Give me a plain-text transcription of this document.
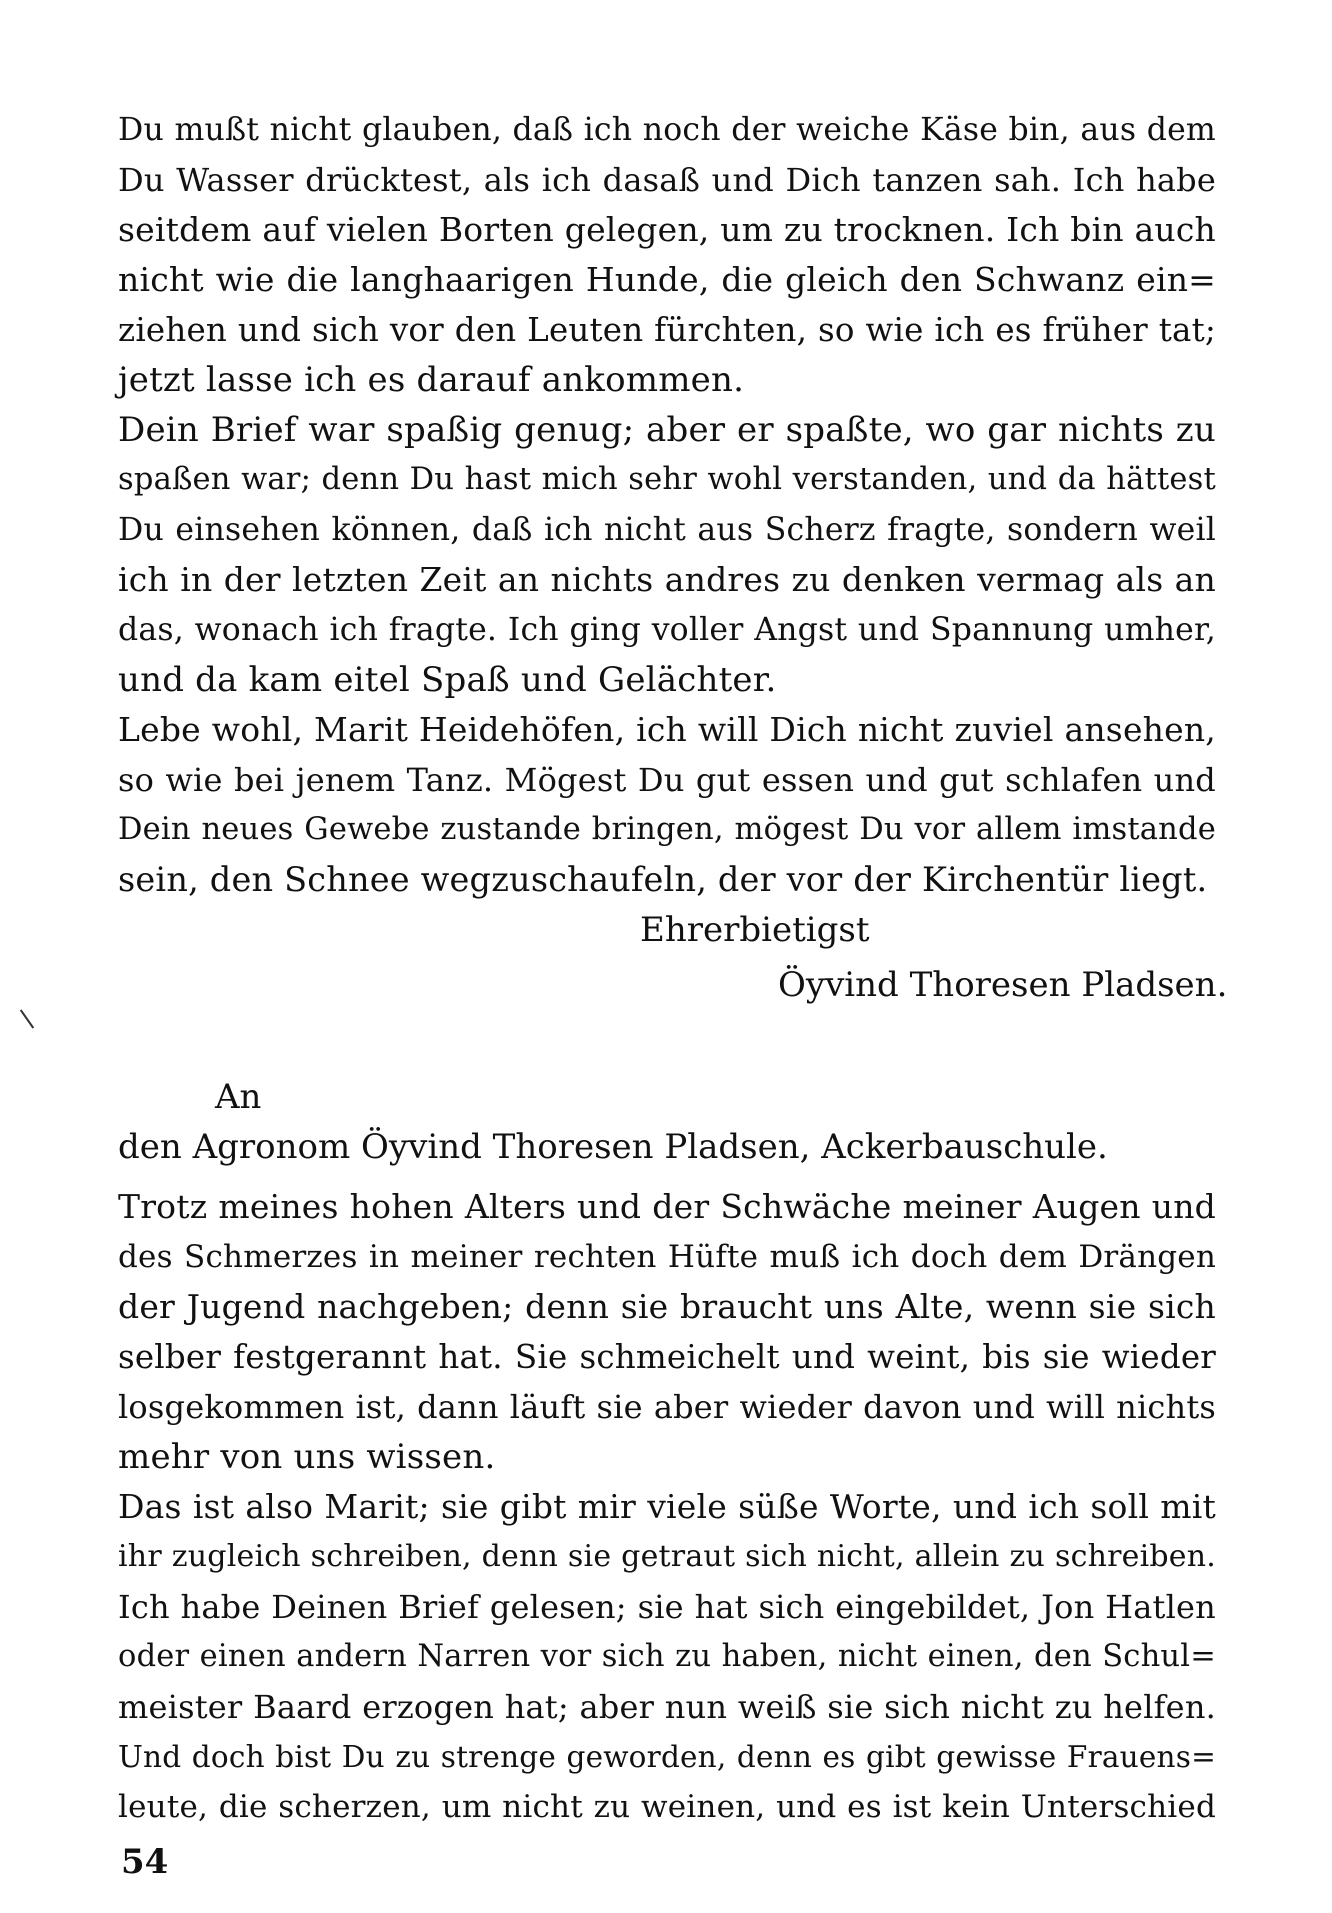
Du mußt nicht glauben, daß ich noch der weiche Käse bin, aus dem
Du Wasser drücktest, als ich dasaß und Dich tanzen sah. Ich habe
seitdem auf vielen Borten gelegen, um zu trocknen. Ich bin auch
nicht wie die langhaarigen Hunde, die gleich den Schwanz ein=
ziehen und sich vor den Leuten fürchten, so wie ich es früher tat;
jetzt lasse ich es darauf ankommen.
Dein Brief war spaßig genug; aber er spaßte, wo gar nichts zu
spaßen war; denn Du hast mich sehr wohl verstanden, und da hättest
Du einsehen können, daß ich nicht aus Scherz fragte, sondern weil
ich in der letzten Zeit an nichts andres zu denken vermag als an
das, wonach ich fragte. Ich ging voller Angst und Spannung umher,
und da kam eitel Spaß und Gelächter.
Lebe wohl, Marit Heidehöfen, ich will Dich nicht zuviel ansehen,
so wie bei jenem Tanz. Mögest Du gut essen und gut schlafen und
Dein neues Gewebe zustande bringen, mögest Du vor allem imstande
sein, den Schnee wegzuschaufeln, der vor der Kirchentür liegt.
Ehrerbietigst
Öyvind Thoresen Pladsen.
An
den Agronom Öyvind Thoresen Pladsen, Ackerbauschule.
Trotz meines hohen Alters und der Schwäche meiner Augen und
des Schmerzes in meiner rechten Hüfte muß ich doch dem Drängen
der Jugend nachgeben; denn sie braucht uns Alte, wenn sie sich
selber festgerannt hat. Sie schmeichelt und weint, bis sie wieder
losgekommen ist, dann läuft sie aber wieder davon und will nichts
mehr von uns wissen.
Das ist also Marit; sie gibt mir viele süße Worte, und ich soll mit
ihr zugleich schreiben, denn sie getraut sich nicht, allein zu schreiben.
Ich habe Deinen Brief gelesen; sie hat sich eingebildet, Jon Hatlen
oder einen andern Narren vor sich zu haben, nicht einen, den Schul=
meister Baard erzogen hat; aber nun weiß sie sich nicht zu helfen.
Und doch bist Du zu strenge geworden, denn es gibt gewisse Frauens=
leute, die scherzen, um nicht zu weinen, und es ist kein Unterschied
54
